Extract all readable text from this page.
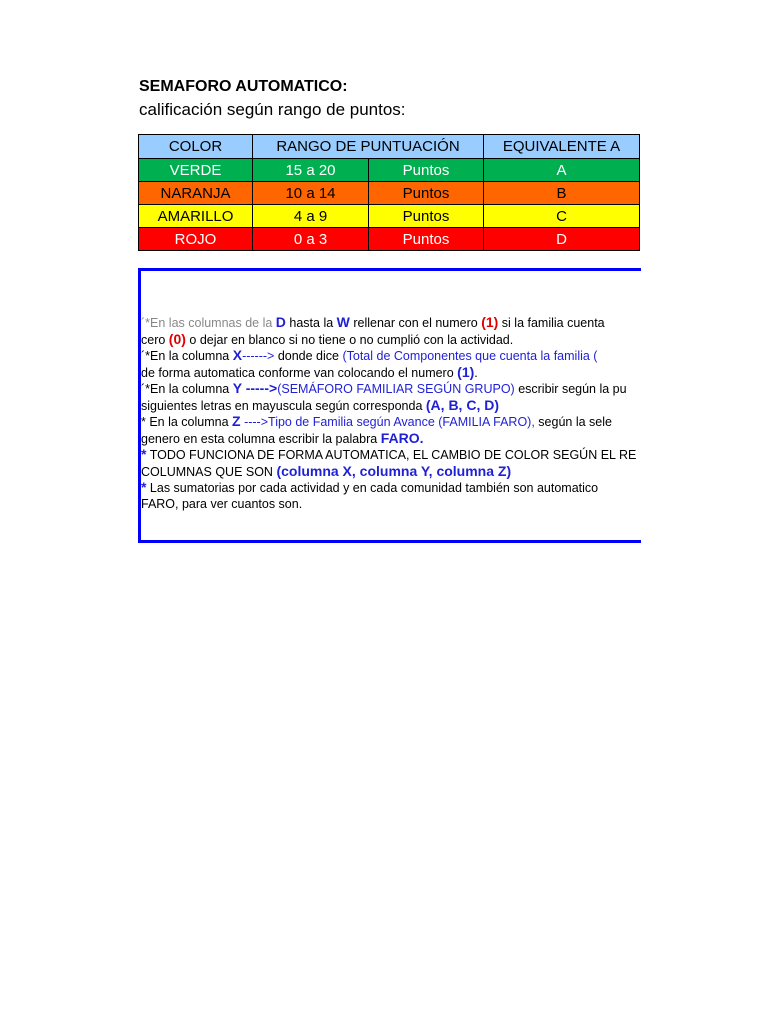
SEMAFORO AUTOMATICO:
calificación según rango de puntos:
COLOR	RANGO DE PUNTUACIÓN		EQUIVALENTE A
VERDE	15 a 20	Puntos	A
NARANJA	10 a 14	Puntos	B
AMARILLO	4 a 9	Puntos	C
ROJO	0 a 3	Puntos	D
´*En las columnas de la D hasta la W rellenar con el numero (1) si la familia cuenta
cero (0) o dejar en blanco si no tiene o no cumplió con la actividad.
´*En la columna X------> donde dice (Total de Componentes que cuenta la familia (
de forma automatica conforme van colocando el numero (1).
´*En la columna Y ----->(SEMÁFORO FAMILIAR SEGÚN GRUPO) escribir según la pu
siguientes letras en mayuscula según corresponda (A, B, C, D)
* En la columna Z ---->Tipo de Familia según Avance (FAMILIA FARO), según la sele
genero en esta columna escribir la palabra FARO.
* TODO FUNCIONA DE FORMA AUTOMATICA, EL CAMBIO DE COLOR SEGÚN EL RE
COLUMNAS QUE SON (columna X, columna Y, columna Z)
* Las sumatorias por cada actividad y en cada comunidad también son automatico
FARO, para ver cuantos son.
